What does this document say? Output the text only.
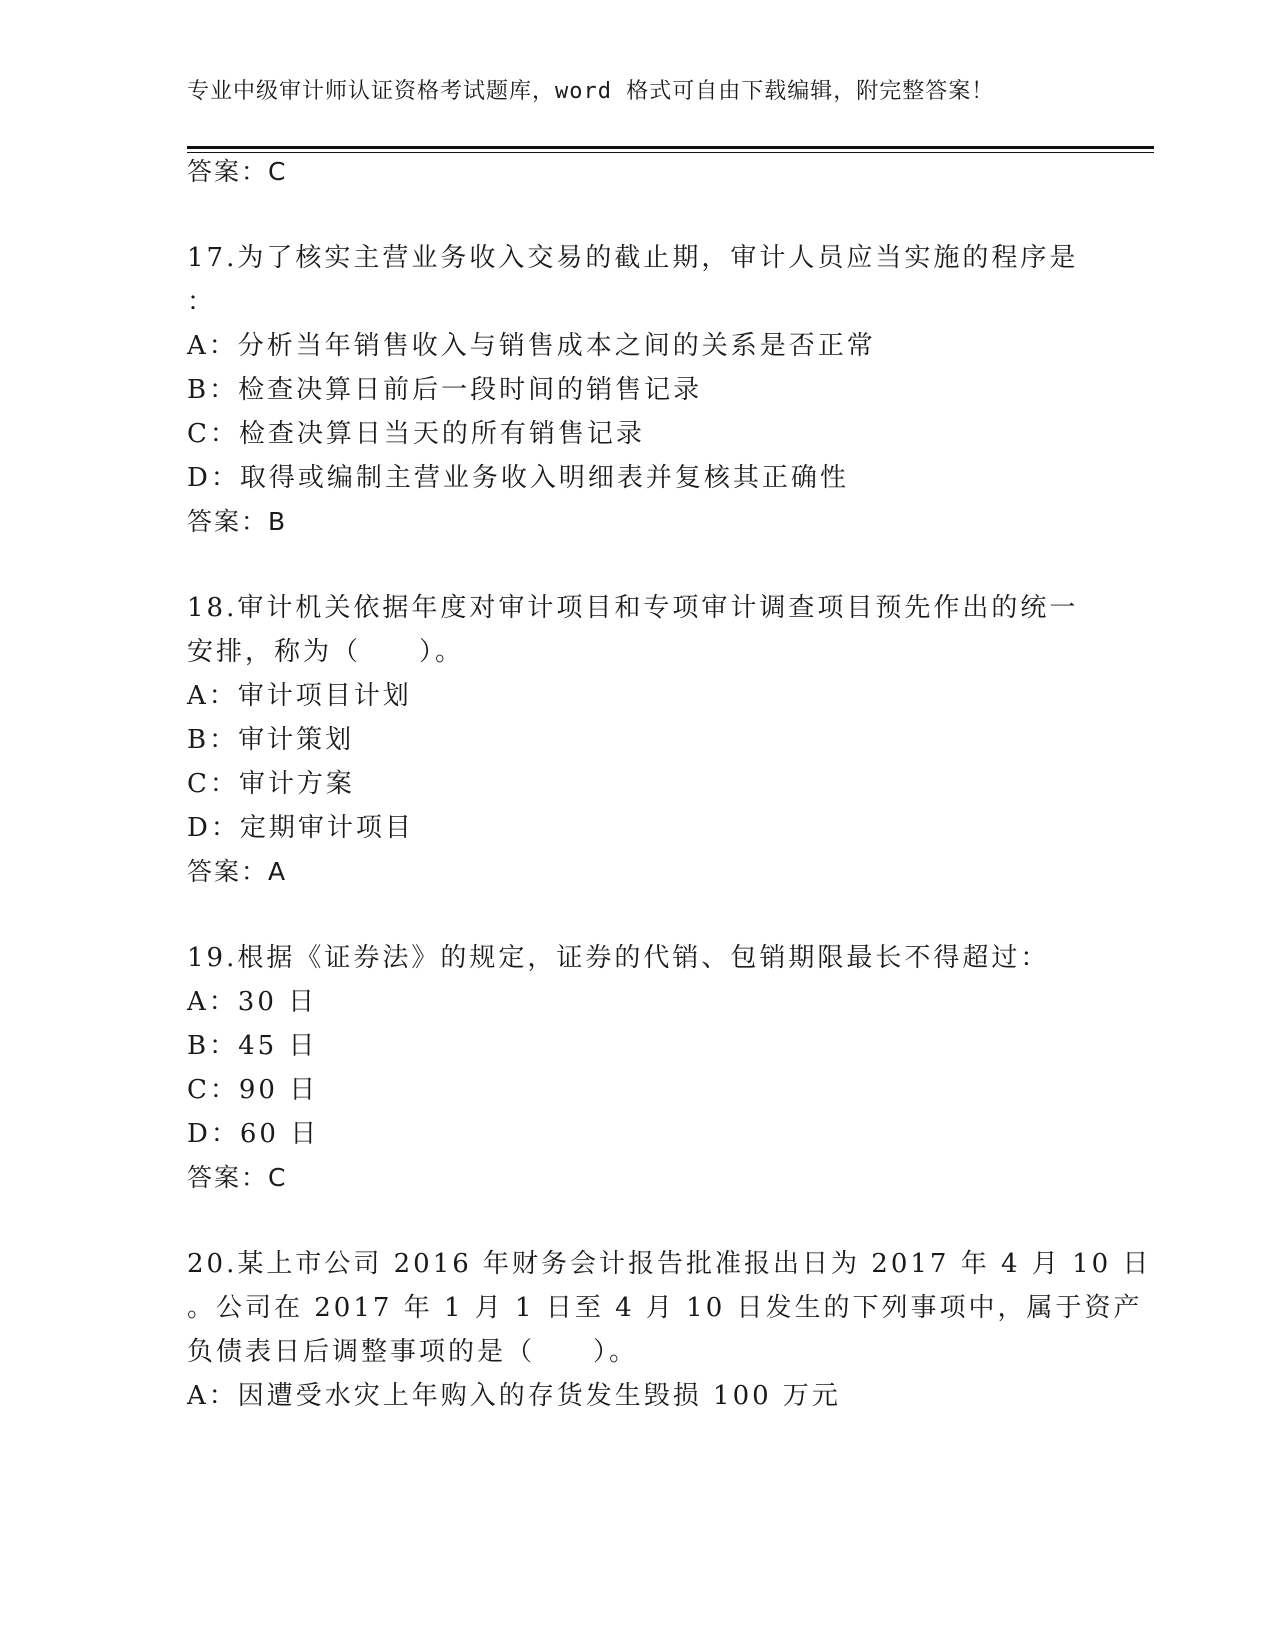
专业中级审计师认证资格考试题库，word 格式可自由下载编辑，附完整答案！
答案：C
17.为了核实主营业务收入交易的截止期，审计人员应当实施的程序是
：
A：分析当年销售收入与销售成本之间的关系是否正常
B：检查决算日前后一段时间的销售记录
C：检查决算日当天的所有销售记录
D：取得或编制主营业务收入明细表并复核其正确性
答案：B
18.审计机关依据年度对审计项目和专项审计调查项目预先作出的统一
安排，称为（　　）。
A：审计项目计划
B：审计策划
C：审计方案
D：定期审计项目
答案：A
19.根据《证券法》的规定，证券的代销、包销期限最长不得超过：
A：30 日
B：45 日
C：90 日
D：60 日
答案：C
20.某上市公司 2016 年财务会计报告批准报出日为 2017 年 4 月 10 日
。公司在 2017 年 1 月 1 日至 4 月 10 日发生的下列事项中，属于资产
负债表日后调整事项的是（　　）。
A：因遭受水灾上年购入的存货发生毁损 100 万元
